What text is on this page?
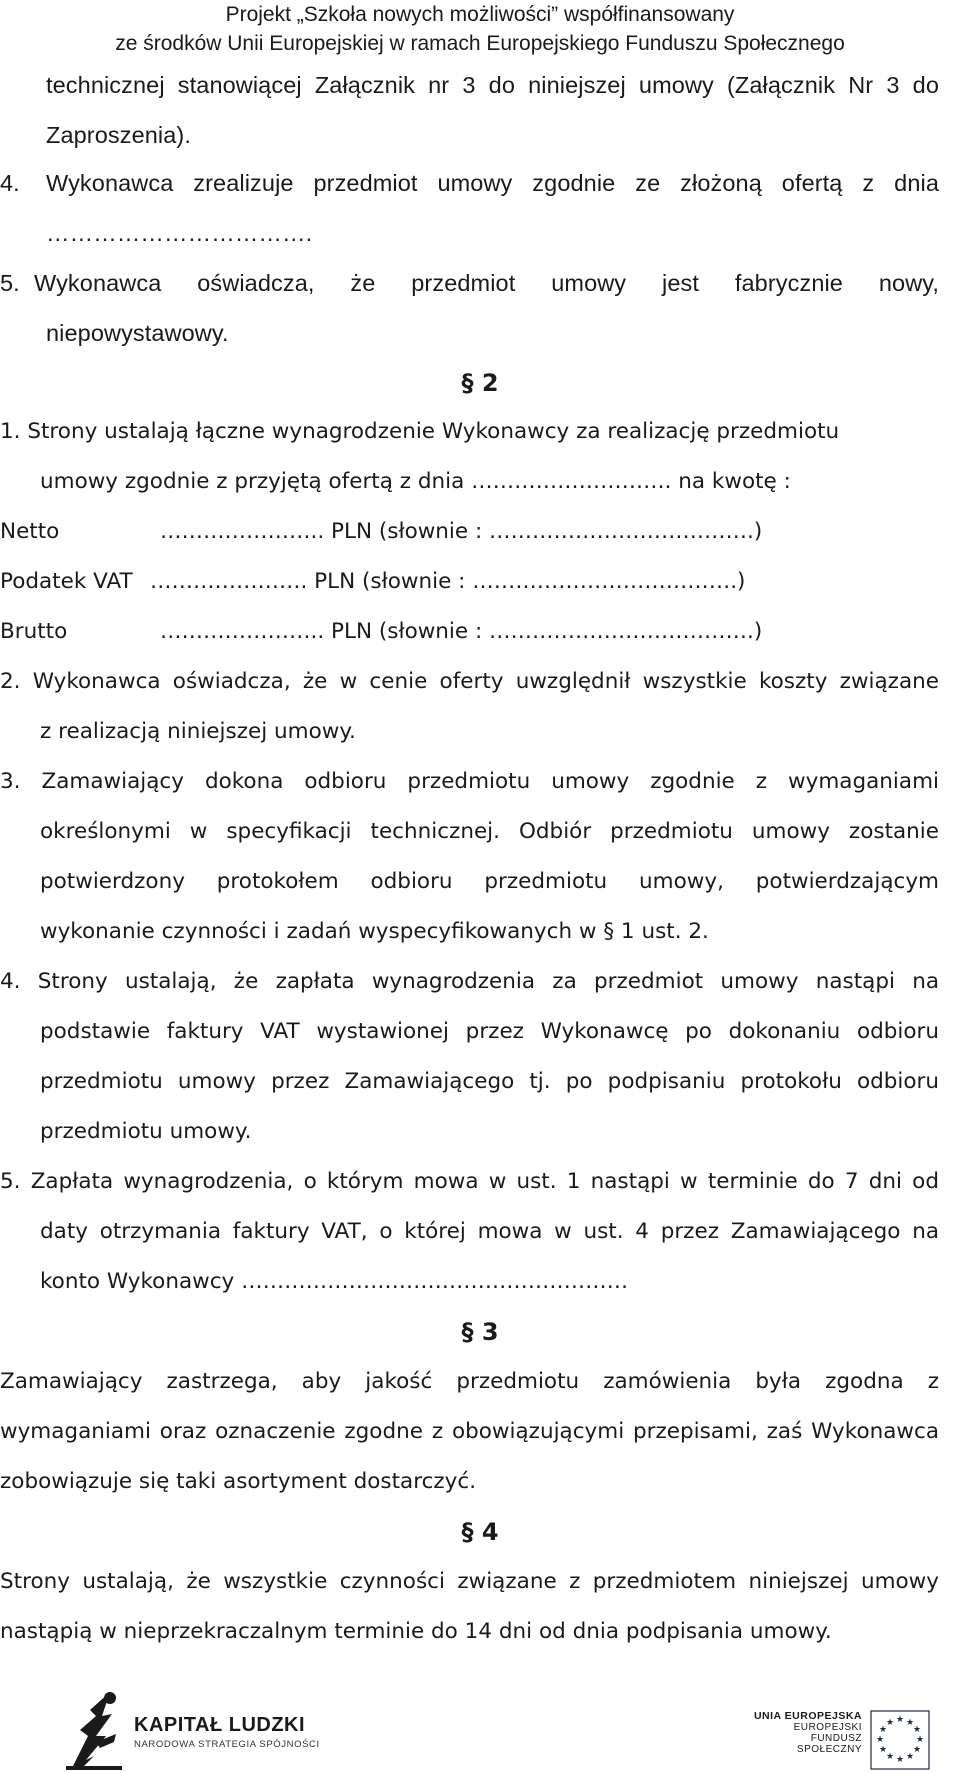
Projekt „Szkoła nowych możliwości” współfinansowany
ze środków Unii Europejskiej w ramach Europejskiego Funduszu Społecznego
technicznej stanowiącej Załącznik nr 3 do niniejszej umowy (Załącznik Nr 3 do
Zaproszenia).
4. Wykonawca zrealizuje przedmiot umowy zgodnie ze złożoną ofertą z dnia
…………………………….
5. Wykonawca oświadcza, że przedmiot umowy jest fabrycznie nowy,
niepowystawowy.
§ 2
1. Strony ustalają łączne wynagrodzenie Wykonawcy za realizację przedmiotu
umowy zgodnie z przyjętą ofertą z dnia ………………………. na kwotę :
Netto	………………….. PLN (słownie : ……………………………….)
Podatek VAT …………………. PLN (słownie : ……………………………….)
Brutto	………………….. PLN (słownie : ……………………………….)
2. Wykonawca oświadcza, że w cenie oferty uwzględnił wszystkie koszty związane
z realizacją niniejszej umowy.
3. Zamawiający dokona odbioru przedmiotu umowy zgodnie z wymaganiami
określonymi w specyfikacji technicznej. Odbiór przedmiotu umowy zostanie
potwierdzony protokołem odbioru przedmiotu umowy, potwierdzającym
wykonanie czynności i zadań wyspecyfikowanych w § 1 ust. 2.
4. Strony ustalają, że zapłata wynagrodzenia za przedmiot umowy nastąpi na
podstawie faktury VAT wystawionej przez Wykonawcę po dokonaniu odbioru
przedmiotu umowy przez Zamawiającego tj. po podpisaniu protokołu odbioru
przedmiotu umowy.
5. Zapłata wynagrodzenia, o którym mowa w ust. 1 nastąpi w terminie do 7 dni od
daty otrzymania faktury VAT, o której mowa w ust. 4 przez Zamawiającego na
konto Wykonawcy ………………………………………………
§ 3
Zamawiający zastrzega, aby jakość przedmiotu zamówienia była zgodna z
wymaganiami oraz oznaczenie zgodne z obowiązującymi przepisami, zaś Wykonawca
zobowiązuje się taki asortyment dostarczyć.
§ 4
Strony ustalają, że wszystkie czynności związane z przedmiotem niniejszej umowy
nastąpią w nieprzekraczalnym terminie do 14 dni od dnia podpisania umowy.
KAPITAŁ LUDZKI
NARODOWA STRATEGIA SPÓJNOŚCI
UNIA EUROPEJSKA
EUROPEJSKI
FUNDUSZ SPOŁECZNY
★ ★
★
★
★
★
★
★
★
★
★
★
